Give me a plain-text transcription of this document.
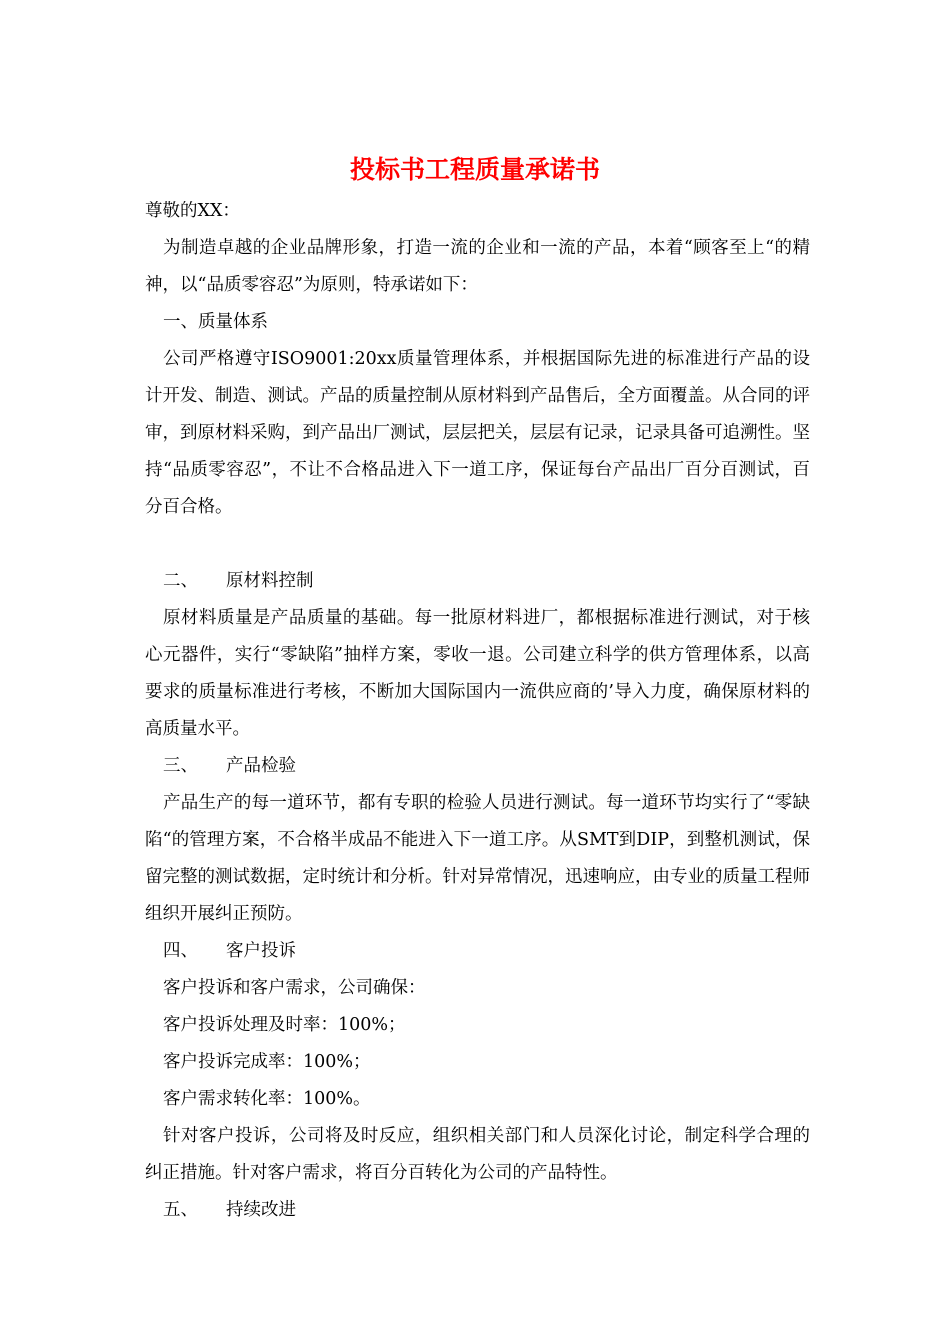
投标书工程质量承诺书
尊敬的XX：
为制造卓越的企业品牌形象，打造一流的企业和一流的产品，本着“顾客至上“的精神，以“品质零容忍”为原则，特承诺如下：
一、质量体系
公司严格遵守ISO9001:20xx质量管理体系，并根据国际先进的标准进行产品的设计开发、制造、测试。产品的质量控制从原材料到产品售后，全方面覆盖。从合同的评审，到原材料采购，到产品出厂测试，层层把关，层层有记录，记录具备可追溯性。坚持“品质零容忍”，不让不合格品进入下一道工序，保证每台产品出厂百分百测试，百分百合格。
二、 原材料控制
原材料质量是产品质量的基础。每一批原材料进厂，都根据标准进行测试，对于核心元器件，实行“零缺陷”抽样方案，零收一退。公司建立科学的供方管理体系，以高要求的质量标准进行考核，不断加大国际国内一流供应商的’导入力度，确保原材料的高质量水平。
三、 产品检验
产品生产的每一道环节，都有专职的检验人员进行测试。每一道环节均实行了“零缺陷“的管理方案，不合格半成品不能进入下一道工序。从SMT到DIP，到整机测试，保留完整的测试数据，定时统计和分析。针对异常情况，迅速响应，由专业的质量工程师组织开展纠正预防。
四、 客户投诉
客户投诉和客户需求，公司确保：
客户投诉处理及时率：100%；
客户投诉完成率：100%；
客户需求转化率：100%。
针对客户投诉，公司将及时反应，组织相关部门和人员深化讨论，制定科学合理的纠正措施。针对客户需求，将百分百转化为公司的产品特性。
五、 持续改进
